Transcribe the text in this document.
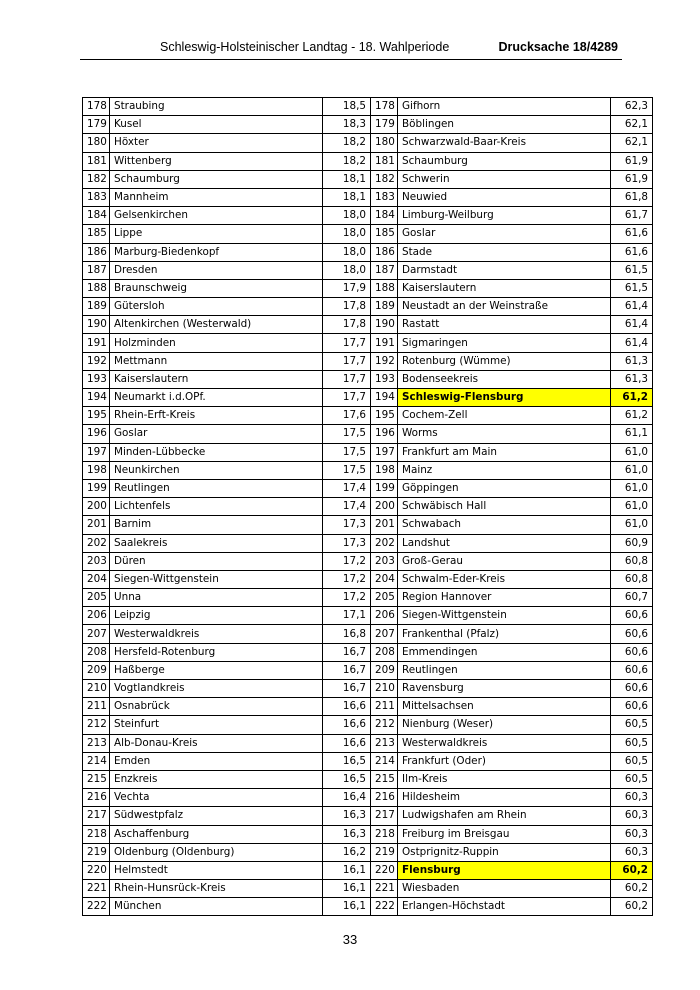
Schleswig-Holsteinischer Landtag - 18. Wahlperiode	Drucksache 18/4289
178	Straubing	18,5	178	Gifhorn	62,3
179	Kusel	18,3	179	Böblingen	62,1
180	Höxter	18,2	180	Schwarzwald-Baar-Kreis	62,1
181	Wittenberg	18,2	181	Schaumburg	61,9
182	Schaumburg	18,1	182	Schwerin	61,9
183	Mannheim	18,1	183	Neuwied	61,8
184	Gelsenkirchen	18,0	184	Limburg-Weilburg	61,7
185	Lippe	18,0	185	Goslar	61,6
186	Marburg-Biedenkopf	18,0	186	Stade	61,6
187	Dresden	18,0	187	Darmstadt	61,5
188	Braunschweig	17,9	188	Kaiserslautern	61,5
189	Gütersloh	17,8	189	Neustadt an der Weinstraße	61,4
190	Altenkirchen (Westerwald)	17,8	190	Rastatt	61,4
191	Holzminden	17,7	191	Sigmaringen	61,4
192	Mettmann	17,7	192	Rotenburg (Wümme)	61,3
193	Kaiserslautern	17,7	193	Bodenseekreis	61,3
194	Neumarkt i.d.OPf.	17,7	194	Schleswig-Flensburg	61,2
195	Rhein-Erft-Kreis	17,6	195	Cochem-Zell	61,2
196	Goslar	17,5	196	Worms	61,1
197	Minden-Lübbecke	17,5	197	Frankfurt am Main	61,0
198	Neunkirchen	17,5	198	Mainz	61,0
199	Reutlingen	17,4	199	Göppingen	61,0
200	Lichtenfels	17,4	200	Schwäbisch Hall	61,0
201	Barnim	17,3	201	Schwabach	61,0
202	Saalekreis	17,3	202	Landshut	60,9
203	Düren	17,2	203	Groß-Gerau	60,8
204	Siegen-Wittgenstein	17,2	204	Schwalm-Eder-Kreis	60,8
205	Unna	17,2	205	Region Hannover	60,7
206	Leipzig	17,1	206	Siegen-Wittgenstein	60,6
207	Westerwaldkreis	16,8	207	Frankenthal (Pfalz)	60,6
208	Hersfeld-Rotenburg	16,7	208	Emmendingen	60,6
209	Haßberge	16,7	209	Reutlingen	60,6
210	Vogtlandkreis	16,7	210	Ravensburg	60,6
211	Osnabrück	16,6	211	Mittelsachsen	60,6
212	Steinfurt	16,6	212	Nienburg (Weser)	60,5
213	Alb-Donau-Kreis	16,6	213	Westerwaldkreis	60,5
214	Emden	16,5	214	Frankfurt (Oder)	60,5
215	Enzkreis	16,5	215	Ilm-Kreis	60,5
216	Vechta	16,4	216	Hildesheim	60,3
217	Südwestpfalz	16,3	217	Ludwigshafen am Rhein	60,3
218	Aschaffenburg	16,3	218	Freiburg im Breisgau	60,3
219	Oldenburg (Oldenburg)	16,2	219	Ostprignitz-Ruppin	60,3
220	Helmstedt	16,1	220	Flensburg	60,2
221	Rhein-Hunsrück-Kreis	16,1	221	Wiesbaden	60,2
222	München	16,1	222	Erlangen-Höchstadt	60,2
33
